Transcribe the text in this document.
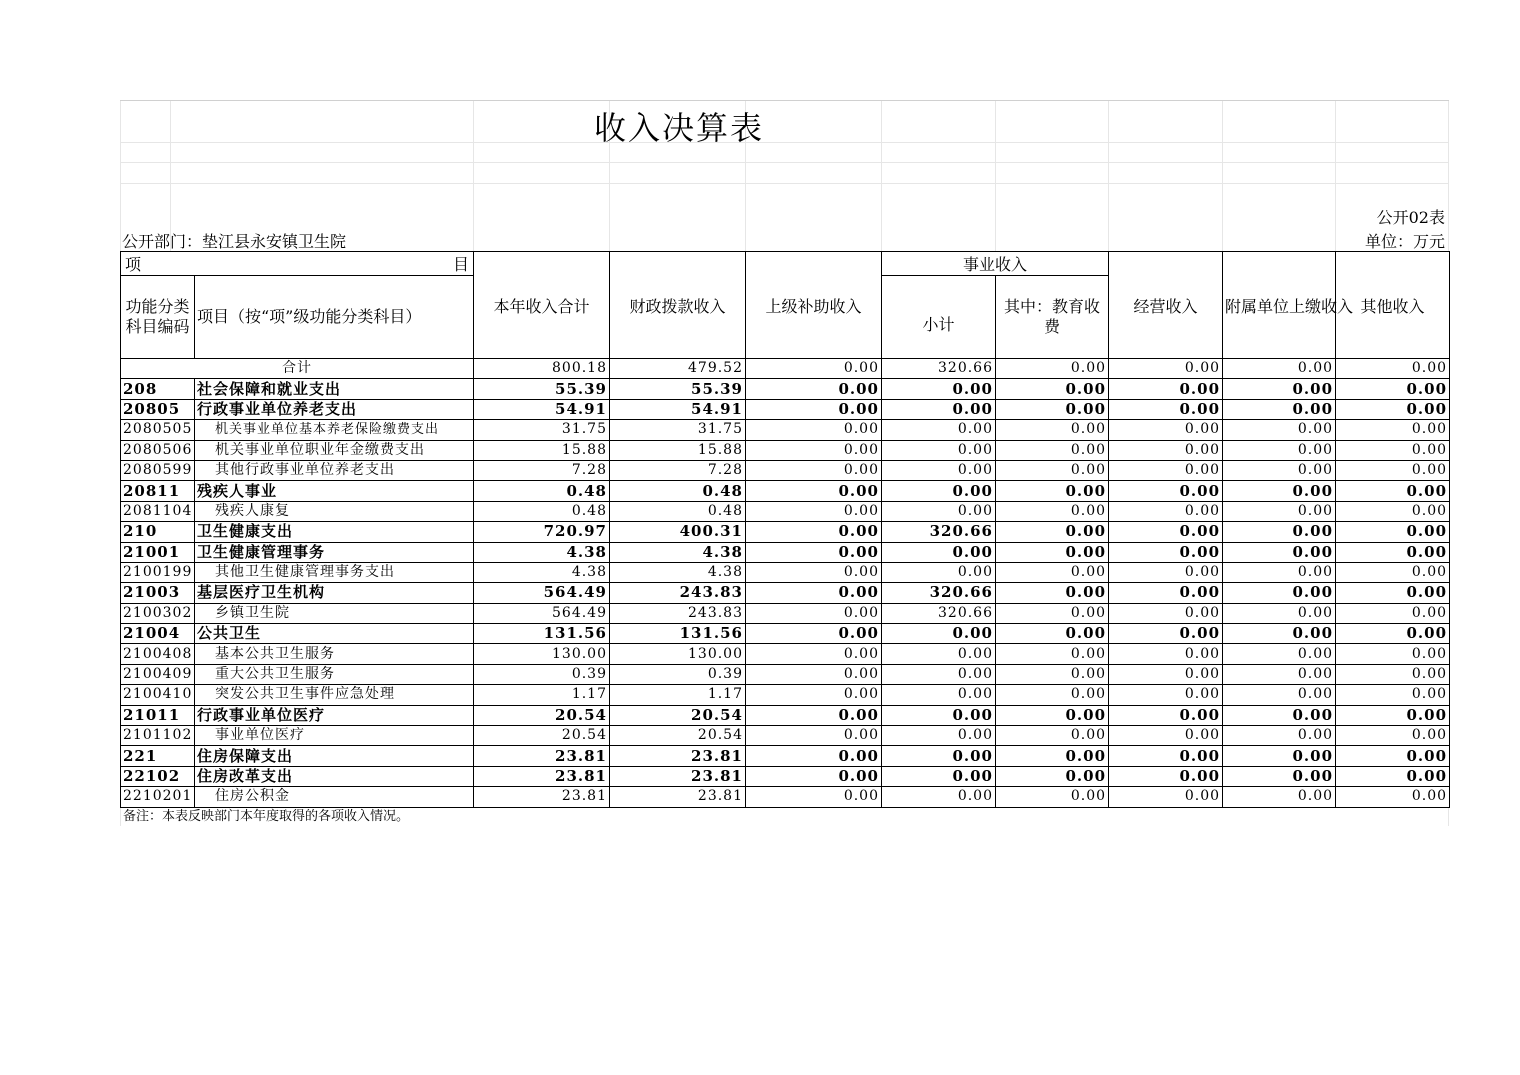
收入决算表
公开02表
公开部门：垫江县永安镇卫生院	单位：万元
项 目		本年收入合计	财政拨款收入	上级补助收入	事业收入		经营收入	附属单位上缴收入	其他收入
功能分类科目编码	项目（按“项”级功能分类科目）				小计	其中：教育收费			
合计		800.18	479.52	0.00	320.66	0.00	0.00	0.00	0.00
208	社会保障和就业支出	55.39	55.39	0.00	0.00	0.00	0.00	0.00	0.00
20805	行政事业单位养老支出	54.91	54.91	0.00	0.00	0.00	0.00	0.00	0.00
2080505	机关事业单位基本养老保险缴费支出	31.75	31.75	0.00	0.00	0.00	0.00	0.00	0.00
2080506	机关事业单位职业年金缴费支出	15.88	15.88	0.00	0.00	0.00	0.00	0.00	0.00
2080599	其他行政事业单位养老支出	7.28	7.28	0.00	0.00	0.00	0.00	0.00	0.00
20811	残疾人事业	0.48	0.48	0.00	0.00	0.00	0.00	0.00	0.00
2081104	残疾人康复	0.48	0.48	0.00	0.00	0.00	0.00	0.00	0.00
210	卫生健康支出	720.97	400.31	0.00	320.66	0.00	0.00	0.00	0.00
21001	卫生健康管理事务	4.38	4.38	0.00	0.00	0.00	0.00	0.00	0.00
2100199	其他卫生健康管理事务支出	4.38	4.38	0.00	0.00	0.00	0.00	0.00	0.00
21003	基层医疗卫生机构	564.49	243.83	0.00	320.66	0.00	0.00	0.00	0.00
2100302	乡镇卫生院	564.49	243.83	0.00	320.66	0.00	0.00	0.00	0.00
21004	公共卫生	131.56	131.56	0.00	0.00	0.00	0.00	0.00	0.00
2100408	基本公共卫生服务	130.00	130.00	0.00	0.00	0.00	0.00	0.00	0.00
2100409	重大公共卫生服务	0.39	0.39	0.00	0.00	0.00	0.00	0.00	0.00
2100410	突发公共卫生事件应急处理	1.17	1.17	0.00	0.00	0.00	0.00	0.00	0.00
21011	行政事业单位医疗	20.54	20.54	0.00	0.00	0.00	0.00	0.00	0.00
2101102	事业单位医疗	20.54	20.54	0.00	0.00	0.00	0.00	0.00	0.00
221	住房保障支出	23.81	23.81	0.00	0.00	0.00	0.00	0.00	0.00
22102	住房改革支出	23.81	23.81	0.00	0.00	0.00	0.00	0.00	0.00
2210201	住房公积金	23.81	23.81	0.00	0.00	0.00	0.00	0.00	0.00
备注：本表反映部门本年度取得的各项收入情况。
